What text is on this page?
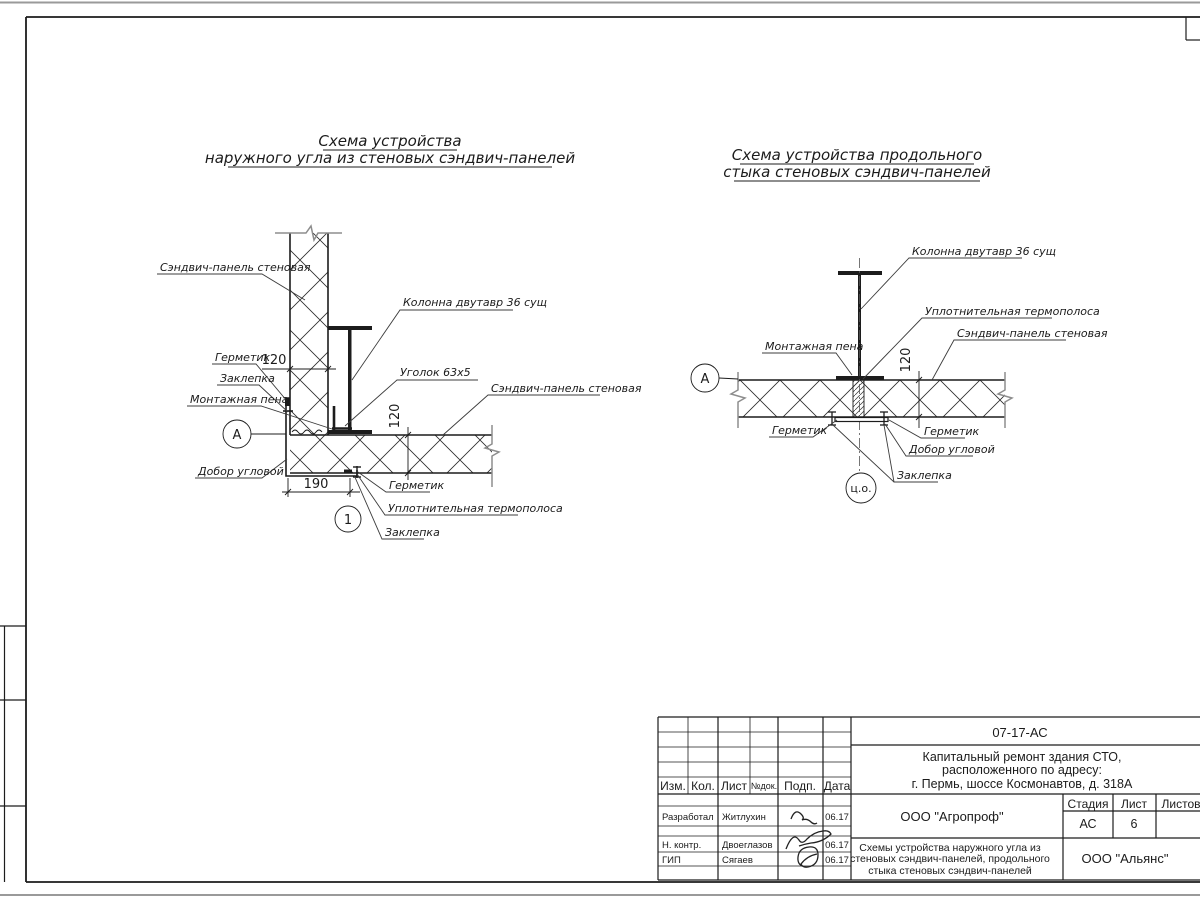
Схема устройства
наружного угла из стеновых сэндвич-панелей
120
120
190
А
1
Сэндвич-панель стеновая
Колонна двутавр 36 сущ
Уголок 63х5
Герметик
Заклепка
Монтажная пена
Добор угловой
Сэндвич-панель стеновая
Герметик
Уплотнительная термополоса
Заклепка
Схема устройства продольного
стыка стеновых сэндвич-панелей
120
А
ц.о.
Колонна двутавр 36 сущ
Уплотнительная термополоса
Сэндвич-панель стеновая
Монтажная пена
Герметик	Герметик
Добор угловой
Заклепка
07-17-АС
Капитальный ремонт здания СТО,
расположенного по адресу:
г. Пермь, шоссе Космонавтов, д. 318А
Изм. Кол. Лист №док. Подп. Дата
Разработал Житлухин	06.17
Н. контр. Двоеглазов	06.17
ГИП	Сягаев	06.17
ООО "Агропроф"
Схемы устройства наружного угла из
стеновых сэндвич-панелей, продольного
стыка стеновых сэндвич-панелей
Стадия Лист Листов
АС	6
ООО "Альянс"
